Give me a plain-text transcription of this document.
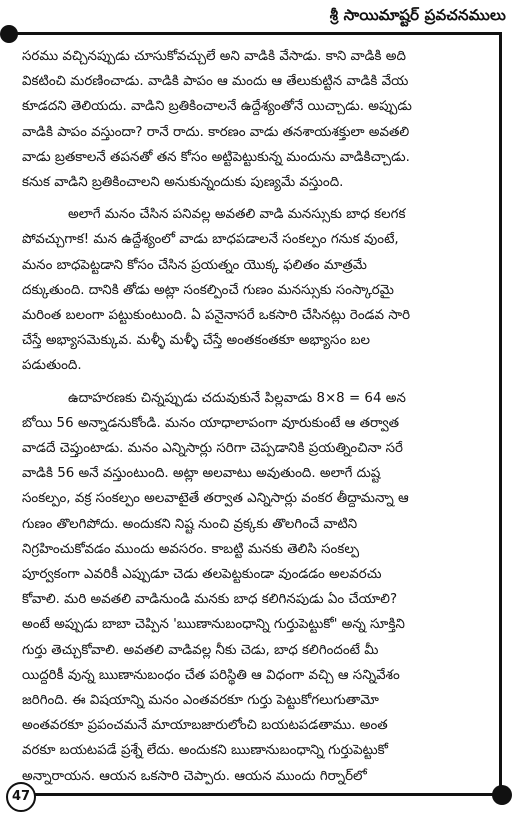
శ్రీ సాయిమాష్టర్ ప్రవచనములు

సరము వచ్చినప్పుడు చూసుకోవచ్చులే అని వాడికి వేసాడు. కాని వాడికి అది

వికటించి మరణించాడు. వాడికి పాపం ఆ మందు ఆ తేలుకుట్టిన వాడికి వేయ

కూడదని తెలియదు. వాడిని బ్రతికించాలనే ఉద్దేశ్యంతోనే యిచ్చాడు. అప్పుడు

వాడికి పాపం వస్తుందా? రానే రాదు. కారణం వాడు తనశాయశక్తులా అవతలి

వాడు బ్రతకాలనే తపనతో తన కోసం అట్టిపెట్టుకున్న మందును వాడికిచ్చాడు.

కనుక వాడిని బ్రతికించాలని అనుకున్నందుకు పుణ్యమే వస్తుంది.

అలాగే మనం చేసిన పనివల్ల అవతలి వాడి మనస్సుకు బాధ కలగక

పోవచ్చుగాక! మన ఉద్దేశ్యంలో వాడు బాధపడాలనే సంకల్పం గనుక వుంటే,

మనం బాధపెట్టడాని కోసం చేసిన ప్రయత్నం యొక్క ఫలితం మాత్రమే

దక్కుతుంది. దానికి తోడు అట్లా సంకల్పించే గుణం మనస్సుకు సంస్కారమై

మరింత బలంగా పట్టుకుంటుంది. ఏ పనైనాసరే ఒకసారి చేసినట్లు రెండవ సారి

చేస్తే అభ్యాసమెక్కువ. మళ్ళీ మళ్ళీ చేస్తే అంతకంతకూ అభ్యాసం బల

పడుతుంది.

ఉదాహరణకు చిన్నప్పుడు చదువుకునే పిల్లవాడు 8×8 = 64 అన

బోయి 56 అన్నాడనుకోండి. మనం యాధాలాపంగా వూరుకుంటే ఆ తర్వాత

వాడదే చెప్తుంటాడు. మనం ఎన్నిసార్లు సరిగా చెప్పడానికి ప్రయత్నించినా సరే

వాడికి 56 అనే వస్తుంటుంది. అట్లా అలవాటు అవుతుంది. అలాగే దుష్ట

సంకల్పం, వక్ర సంకల్పం అలవాటైతే తర్వాత ఎన్నిసార్లు వంకర తీద్దామన్నా ఆ

గుణం తొలగిపోదు. అందుకని నిష్ట నుంచి వ్రక్కకు తొలగించే వాటిని

నిగ్రహించుకోవడం ముందు అవసరం. కాబట్టి మనకు తెలిసి సంకల్ప

పూర్వకంగా ఎవరికీ ఎప్పుడూ చెడు తలపెట్టకుండా వుండడం అలవరచు

కోవాలి. మరి అవతలి వాడినుండి మనకు బాధ కలిగినపుడు ఏం చేయాలి?

అంటే అప్పుడు బాబా చెప్పిన 'ఋణానుబంధాన్ని గుర్తుపెట్టుకో' అన్న సూక్తిని

గుర్తు తెచ్చుకోవాలి. అవతలి వాడివల్ల నీకు చెడు, బాధ కలిగిందంటే మీ

యిద్దరికీ వున్న ఋణానుబంధం చేత పరిస్థితి ఆ విధంగా వచ్చి ఆ సన్నివేశం

జరిగింది. ఈ విషయాన్ని మనం ఎంతవరకూ గుర్తు పెట్టుకోగలుగుతామో

అంతవరకూ ప్రపంచమనే మాయాబజారులోంచి బయటపడతాము. అంత

వరకూ బయటపడే ప్రశ్నే లేదు. అందుకని ఋణానుబంధాన్ని గుర్తుపెట్టుకో

అన్నారాయన. ఆయన ఒకసారి చెప్పారు. ఆయన ముందు గిర్నార్‌లో

47
